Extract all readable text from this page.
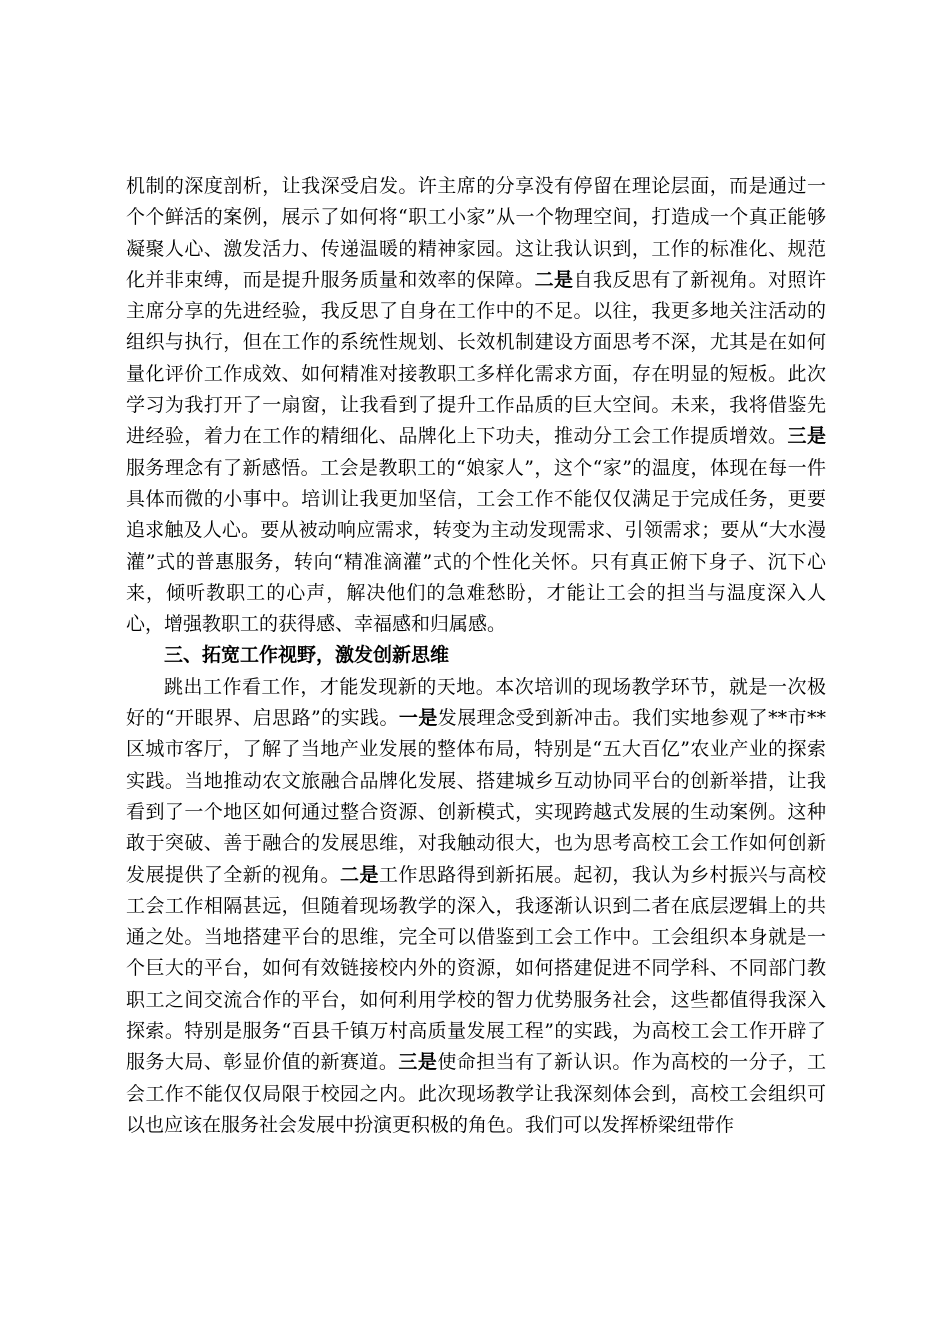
机制的深度剖析，让我深受启发。许主席的分享没有停留在理论层面，而是通过一个个鲜活的案例，展示了如何将“职工小家”从一个物理空间，打造成一个真正能够凝聚人心、激发活力、传递温暖的精神家园。这让我认识到，工作的标准化、规范化并非束缚，而是提升服务质量和效率的保障。二是自我反思有了新视角。对照许主席分享的先进经验，我反思了自身在工作中的不足。以往，我更多地关注活动的组织与执行，但在工作的系统性规划、长效机制建设方面思考不深，尤其是在如何量化评价工作成效、如何精准对接教职工多样化需求方面，存在明显的短板。此次学习为我打开了一扇窗，让我看到了提升工作品质的巨大空间。未来，我将借鉴先进经验，着力在工作的精细化、品牌化上下功夫，推动分工会工作提质增效。三是服务理念有了新感悟。工会是教职工的“娘家人”，这个“家”的温度，体现在每一件具体而微的小事中。培训让我更加坚信，工会工作不能仅仅满足于完成任务，更要追求触及人心。要从被动响应需求，转变为主动发现需求、引领需求；要从“大水漫灌”式的普惠服务，转向“精准滴灌”式的个性化关怀。只有真正俯下身子、沉下心来，倾听教职工的心声，解决他们的急难愁盼，才能让工会的担当与温度深入人心，增强教职工的获得感、幸福感和归属感。

三、拓宽工作视野，激发创新思维

跳出工作看工作，才能发现新的天地。本次培训的现场教学环节，就是一次极好的“开眼界、启思路”的实践。一是发展理念受到新冲击。我们实地参观了**市**区城市客厅，了解了当地产业发展的整体布局，特别是“五大百亿”农业产业的探索实践。当地推动农文旅融合品牌化发展、搭建城乡互动协同平台的创新举措，让我看到了一个地区如何通过整合资源、创新模式，实现跨越式发展的生动案例。这种敢于突破、善于融合的发展思维，对我触动很大，也为思考高校工会工作如何创新发展提供了全新的视角。二是工作思路得到新拓展。起初，我认为乡村振兴与高校工会工作相隔甚远，但随着现场教学的深入，我逐渐认识到二者在底层逻辑上的共通之处。当地搭建平台的思维，完全可以借鉴到工会工作中。工会组织本身就是一个巨大的平台，如何有效链接校内外的资源，如何搭建促进不同学科、不同部门教职工之间交流合作的平台，如何利用学校的智力优势服务社会，这些都值得我深入探索。特别是服务“百县千镇万村高质量发展工程”的实践，为高校工会工作开辟了服务大局、彰显价值的新赛道。三是使命担当有了新认识。作为高校的一分子，工会工作不能仅仅局限于校园之内。此次现场教学让我深刻体会到，高校工会组织可以也应该在服务社会发展中扮演更积极的角色。我们可以发挥桥梁纽带作
